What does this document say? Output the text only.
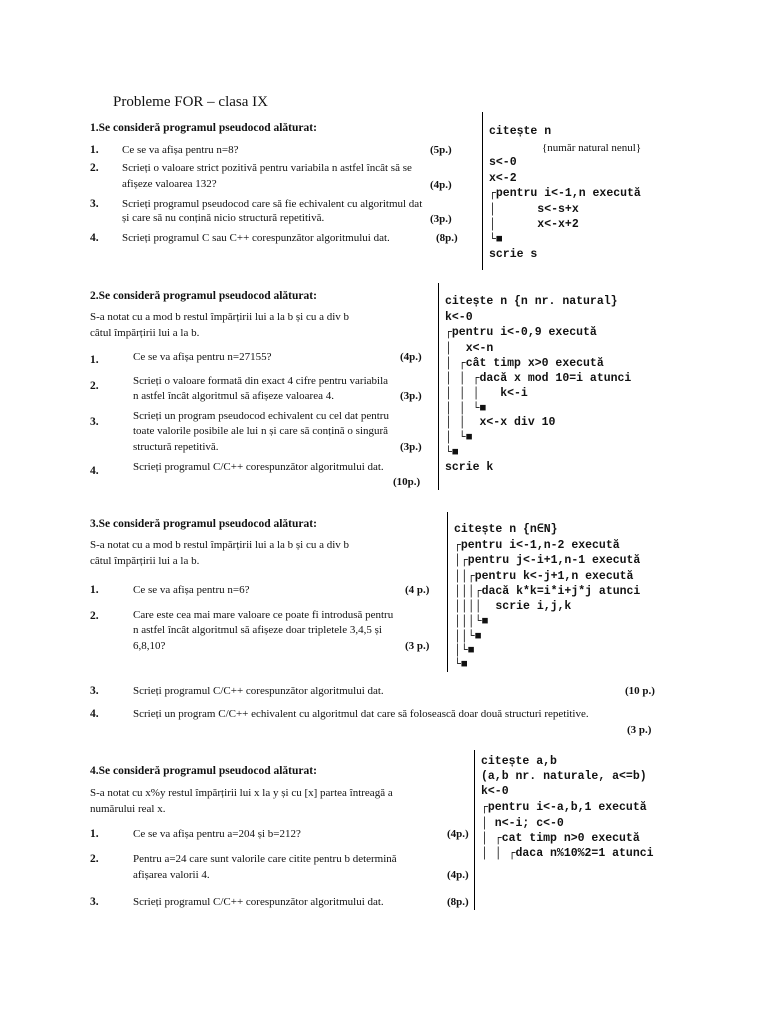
Probleme FOR – clasa IX
1.Se consideră programul pseudocod alăturat:
1. Ce se va afișa pentru n=8?	(5p.)
2. Scrieți o valoare strict pozitivă pentru variabila n astfel încât să se
afișeze valoarea 132?	(4p.)
3. Scrieți programul pseudocod care să fie echivalent cu algoritmul dat
și care să nu conțină nicio structură repetitivă.	(3p.)
4. Scrieți programul C sau C++ corespunzător algoritmului dat.	(8p.)
citește n
{număr natural nenul}
s<-0
x<-2
┌pentru i<-1,n execută
│      s<-s+x
│      x<-x+2
└■
scrie s
2.Se consideră programul pseudocod alăturat:
S-a notat cu a mod b restul împărțirii lui a la b și cu a div b
câtul împărțirii lui a la b.
1.	Ce se va afișa pentru n=27155?	(4p.)
2.	Scrieți o valoare formată din exact 4 cifre pentru variabila
n astfel încât algoritmul să afișeze valoarea 4.	(3p.)
3.	Scrieți un program pseudocod echivalent cu cel dat pentru
toate valorile posibile ale lui n și care să conțină o singură
structură repetitivă.	(3p.)
4.	Scrieți programul C/C++ corespunzător algoritmului dat.
(10p.)
citește n {n nr. natural}
k<-0
┌pentru i<-0,9 execută
│  x<-n
│ ┌cât timp x>0 execută
│ │ ┌dacă x mod 10=i atunci
│ │ │   k<-i
│ │ └■
│ │  x<-x div 10
│ └■
└■
scrie k
3.Se consideră programul pseudocod alăturat:
S-a notat cu a mod b restul împărțirii lui a la b și cu a div b
câtul împărțirii lui a la b.
1.	Ce se va afișa pentru n=6?	(4 p.)
2.	Care este cea mai mare valoare ce poate fi introdusă pentru
n astfel încât algoritmul să afișeze doar tripletele 3,4,5 și
6,8,10?	(3 p.)
3.	Scrieți programul C/C++ corespunzător algoritmului dat.	(10 p.)
4.	Scrieți un program C/C++ echivalent cu algoritmul dat care să folosească doar două structuri repetitive.
(3 p.)
citește n {n∈N}
┌pentru i<-1,n-2 execută
│┌pentru j<-i+1,n-1 execută
││┌pentru k<-j+1,n execută
│││┌dacă k*k=i*i+j*j atunci
││││  scrie i,j,k
│││└■
││└■
│└■
└■
4.Se consideră programul pseudocod alăturat:
S-a notat cu x%y restul împărțirii lui x la y și cu [x] partea întreagă a
numărului real x.
1.	Ce se va afișa pentru a=204 și b=212?	(4p.)
2.	Pentru a=24 care sunt valorile care citite pentru b determină
afișarea valorii 4.	(4p.)
3.	Scrieți programul C/C++ corespunzător algoritmului dat.	(8p.)
citește a,b
(a,b nr. naturale, a<=b)
k<-0
┌pentru i<-a,b,1 execută
│ n<-i; c<-0
│ ┌cat timp n>0 execută
│ │ ┌daca n%10%2=1 atunci
